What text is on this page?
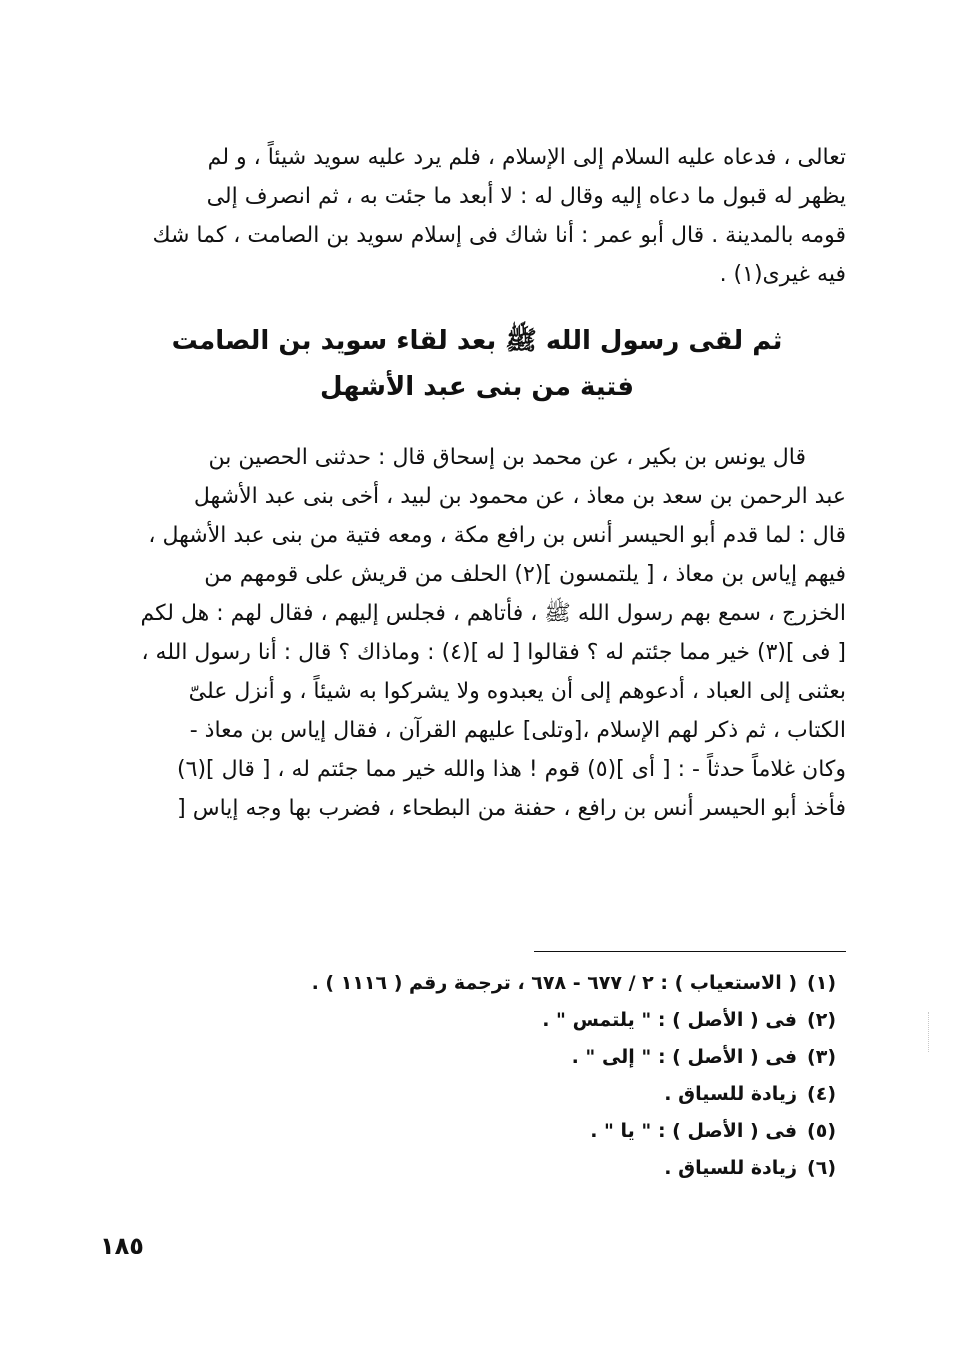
تعالى ، فدعاه عليه السلام إلى الإسلام ، فلم يرد عليه سويد شيئاً ، و لم
يظهر له قبول ما دعاه إليه وقال له : لا أبعد ما جئت به ، ثم انصرف إلى
قومه بالمدينة . قال أبو عمر : أنا شاك فى إسلام سويد بن الصامت ، كما شك
فيه غيرى(١) .
ثم لقى رسول الله ﷺ بعد لقاء سويد بن الصامت
فتية من بنى عبد الأشهل
قال يونس بن بكير ، عن محمد بن إسحاق قال : حدثنى الحصين بن
عبد الرحمن بن سعد بن معاذ ، عن محمود بن لبيد ، أخى بنى عبد الأشهل
قال : لما قدم أبو الحيسر أنس بن رافع مكة ، ومعه فتية من بنى عبد الأشهل ،
فيهم إياس بن معاذ ، [ يلتمسون ](٢) الحلف من قريش على قومهم من
الخزرج ، سمع بهم رسول الله ﷺ ، فأتاهم ، فجلس إليهم ، فقال لهم : هل لكم
[ فى ](٣) خير مما جئتم له ؟ فقالوا [ له ](٤) : وماذاك ؟ قال : أنا رسول الله ،
بعثنى إلى العباد ، أدعوهم إلى أن يعبدوه ولا يشركوا به شيئاً ، و أنزل علىّ
الكتاب ، ثم ذكر لهم الإسلام ،[وتلى] عليهم القرآن ، فقال إياس بن معاذ -
وكان غلاماً حدثاً - : [ أى ](٥) قوم ! هذا والله خير مما جئتم له ، [ قال ](٦)
فأخذ أبو الحيسر أنس بن رافع ، حفنة من البطحاء ، فضرب بها وجه إياس [
(١)
( الاستعياب ) : ٢ / ٦٧٧ - ٦٧٨ ، ترجمة رقم ( ١١١٦ ) .
(٢)
فى ( الأصل ) : " يلتمس " .
(٣)
فى ( الأصل ) : " إلى " .
(٤)
زيادة للسياق .
(٥)
فى ( الأصل ) : " يا " .
(٦)
زيادة للسياق .
١٨٥
